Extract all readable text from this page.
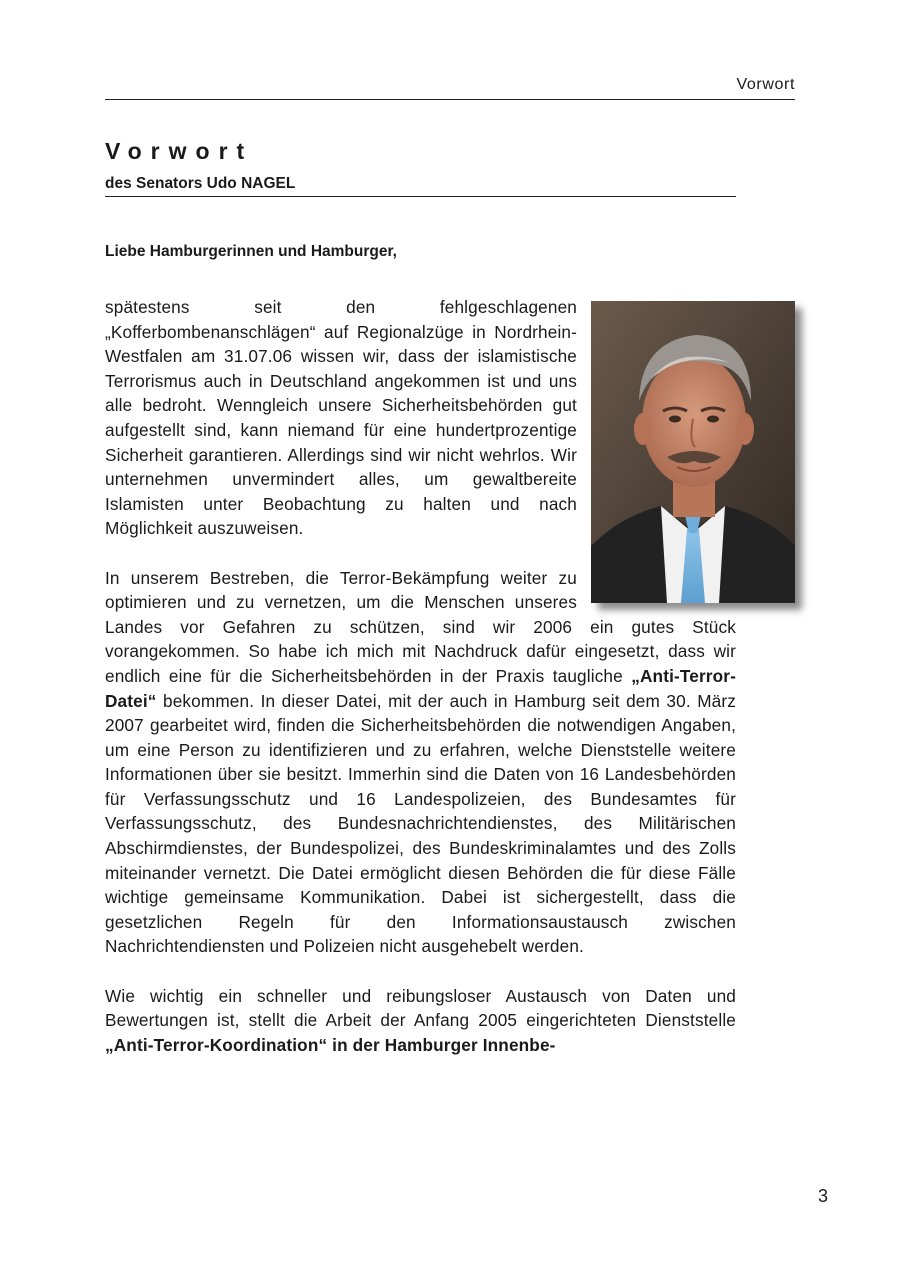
Vorwort
Vorwort
des Senators Udo NAGEL
Liebe Hamburgerinnen und Hamburger,

spätestens seit den fehlgeschlagenen „Kofferbombenanschlägen“ auf Regionalzüge in Nordrhein-Westfalen am 31.07.06 wissen wir, dass der islamistische Terrorismus auch in Deutschland angekommen ist und uns alle bedroht. Wenngleich unsere Sicherheitsbehörden gut aufgestellt sind, kann niemand für eine hundertprozentige Sicherheit garantieren. Allerdings sind wir nicht wehrlos. Wir unternehmen unvermindert alles, um gewaltbereite Islamisten unter Beobachtung zu halten und nach Möglichkeit auszuweisen.

In unserem Bestreben, die Terror-Bekämpfung weiter zu optimieren und zu vernetzen, um die Menschen unseres Landes vor Gefahren zu schützen, sind wir 2006 ein gutes Stück vorangekommen. So habe ich mich mit Nachdruck dafür eingesetzt, dass wir endlich eine für die Sicherheitsbehörden in der Praxis taugliche „Anti-Terror-Datei“ bekommen. In dieser Datei, mit der auch in Hamburg seit dem 30. März 2007 gearbeitet wird, finden die Sicherheitsbehörden die notwendigen Angaben, um eine Person zu identifizieren und zu erfahren, welche Dienststelle weitere Informationen über sie besitzt. Immerhin sind die Daten von 16 Landesbehörden für Verfassungsschutz und 16 Landespolizeien, des Bundesamtes für Verfassungsschutz, des Bundesnachrichtendienstes, des Militärischen Abschirmdienstes, der Bundespolizei, des Bundeskriminalamtes und des Zolls miteinander vernetzt. Die Datei ermöglicht diesen Behörden die für diese Fälle wichtige gemeinsame Kommunikation. Dabei ist sichergestellt, dass die gesetzlichen Regeln für den Informationsaustausch zwischen Nachrichtendiensten und Polizeien nicht ausgehebelt werden.

Wie wichtig ein schneller und reibungsloser Austausch von Daten und Bewertungen ist, stellt die Arbeit der Anfang 2005 eingerichteten Dienststelle „Anti-Terror-Koordination“ in der Hamburger Innenbe-

3
